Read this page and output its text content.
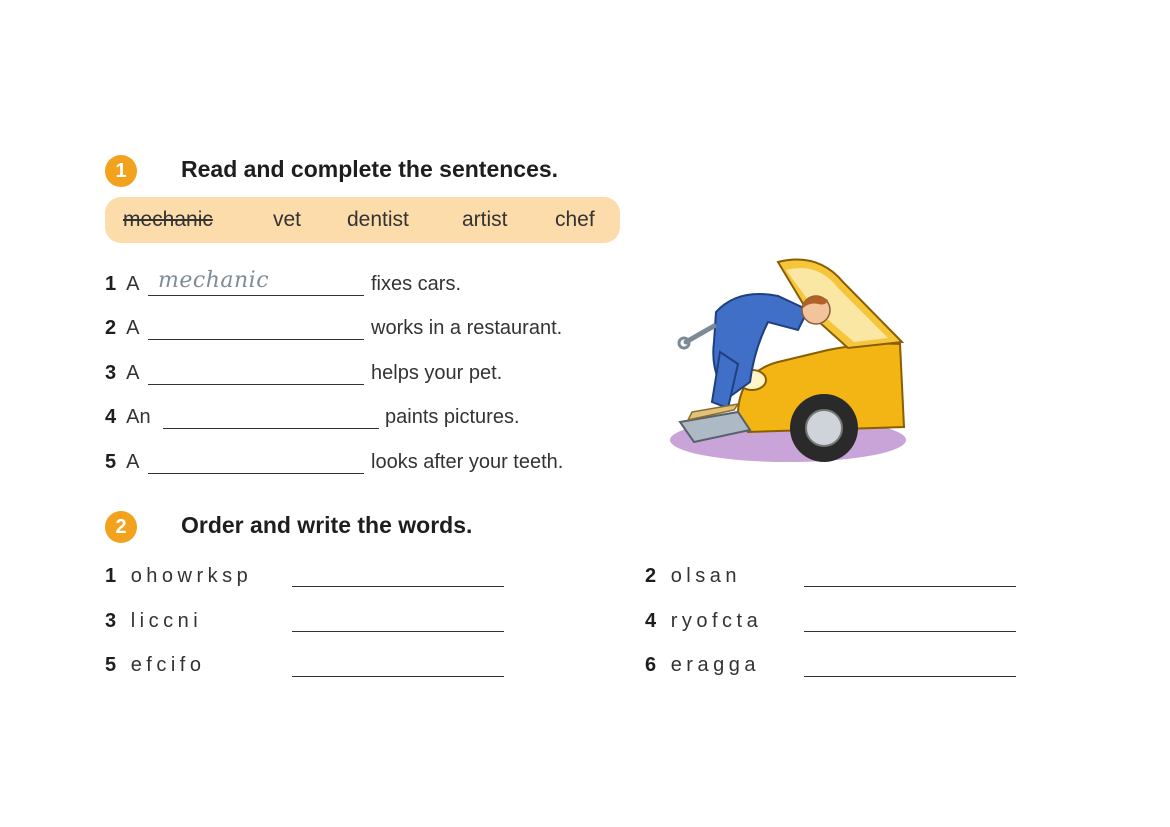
1	Read and complete the sentences.
mechanic	vet dentist	artist chef
1 A mechanic	fixes cars.
2 A	works in a restaurant.
3 A	helps your pet.
4 An	paints pictures.
5 A	looks after your teeth.
2	Order and write the words.
1 ohowrksp
3 liccni
5 efcifo
2 olsan
4 ryofcta
6 eragga
